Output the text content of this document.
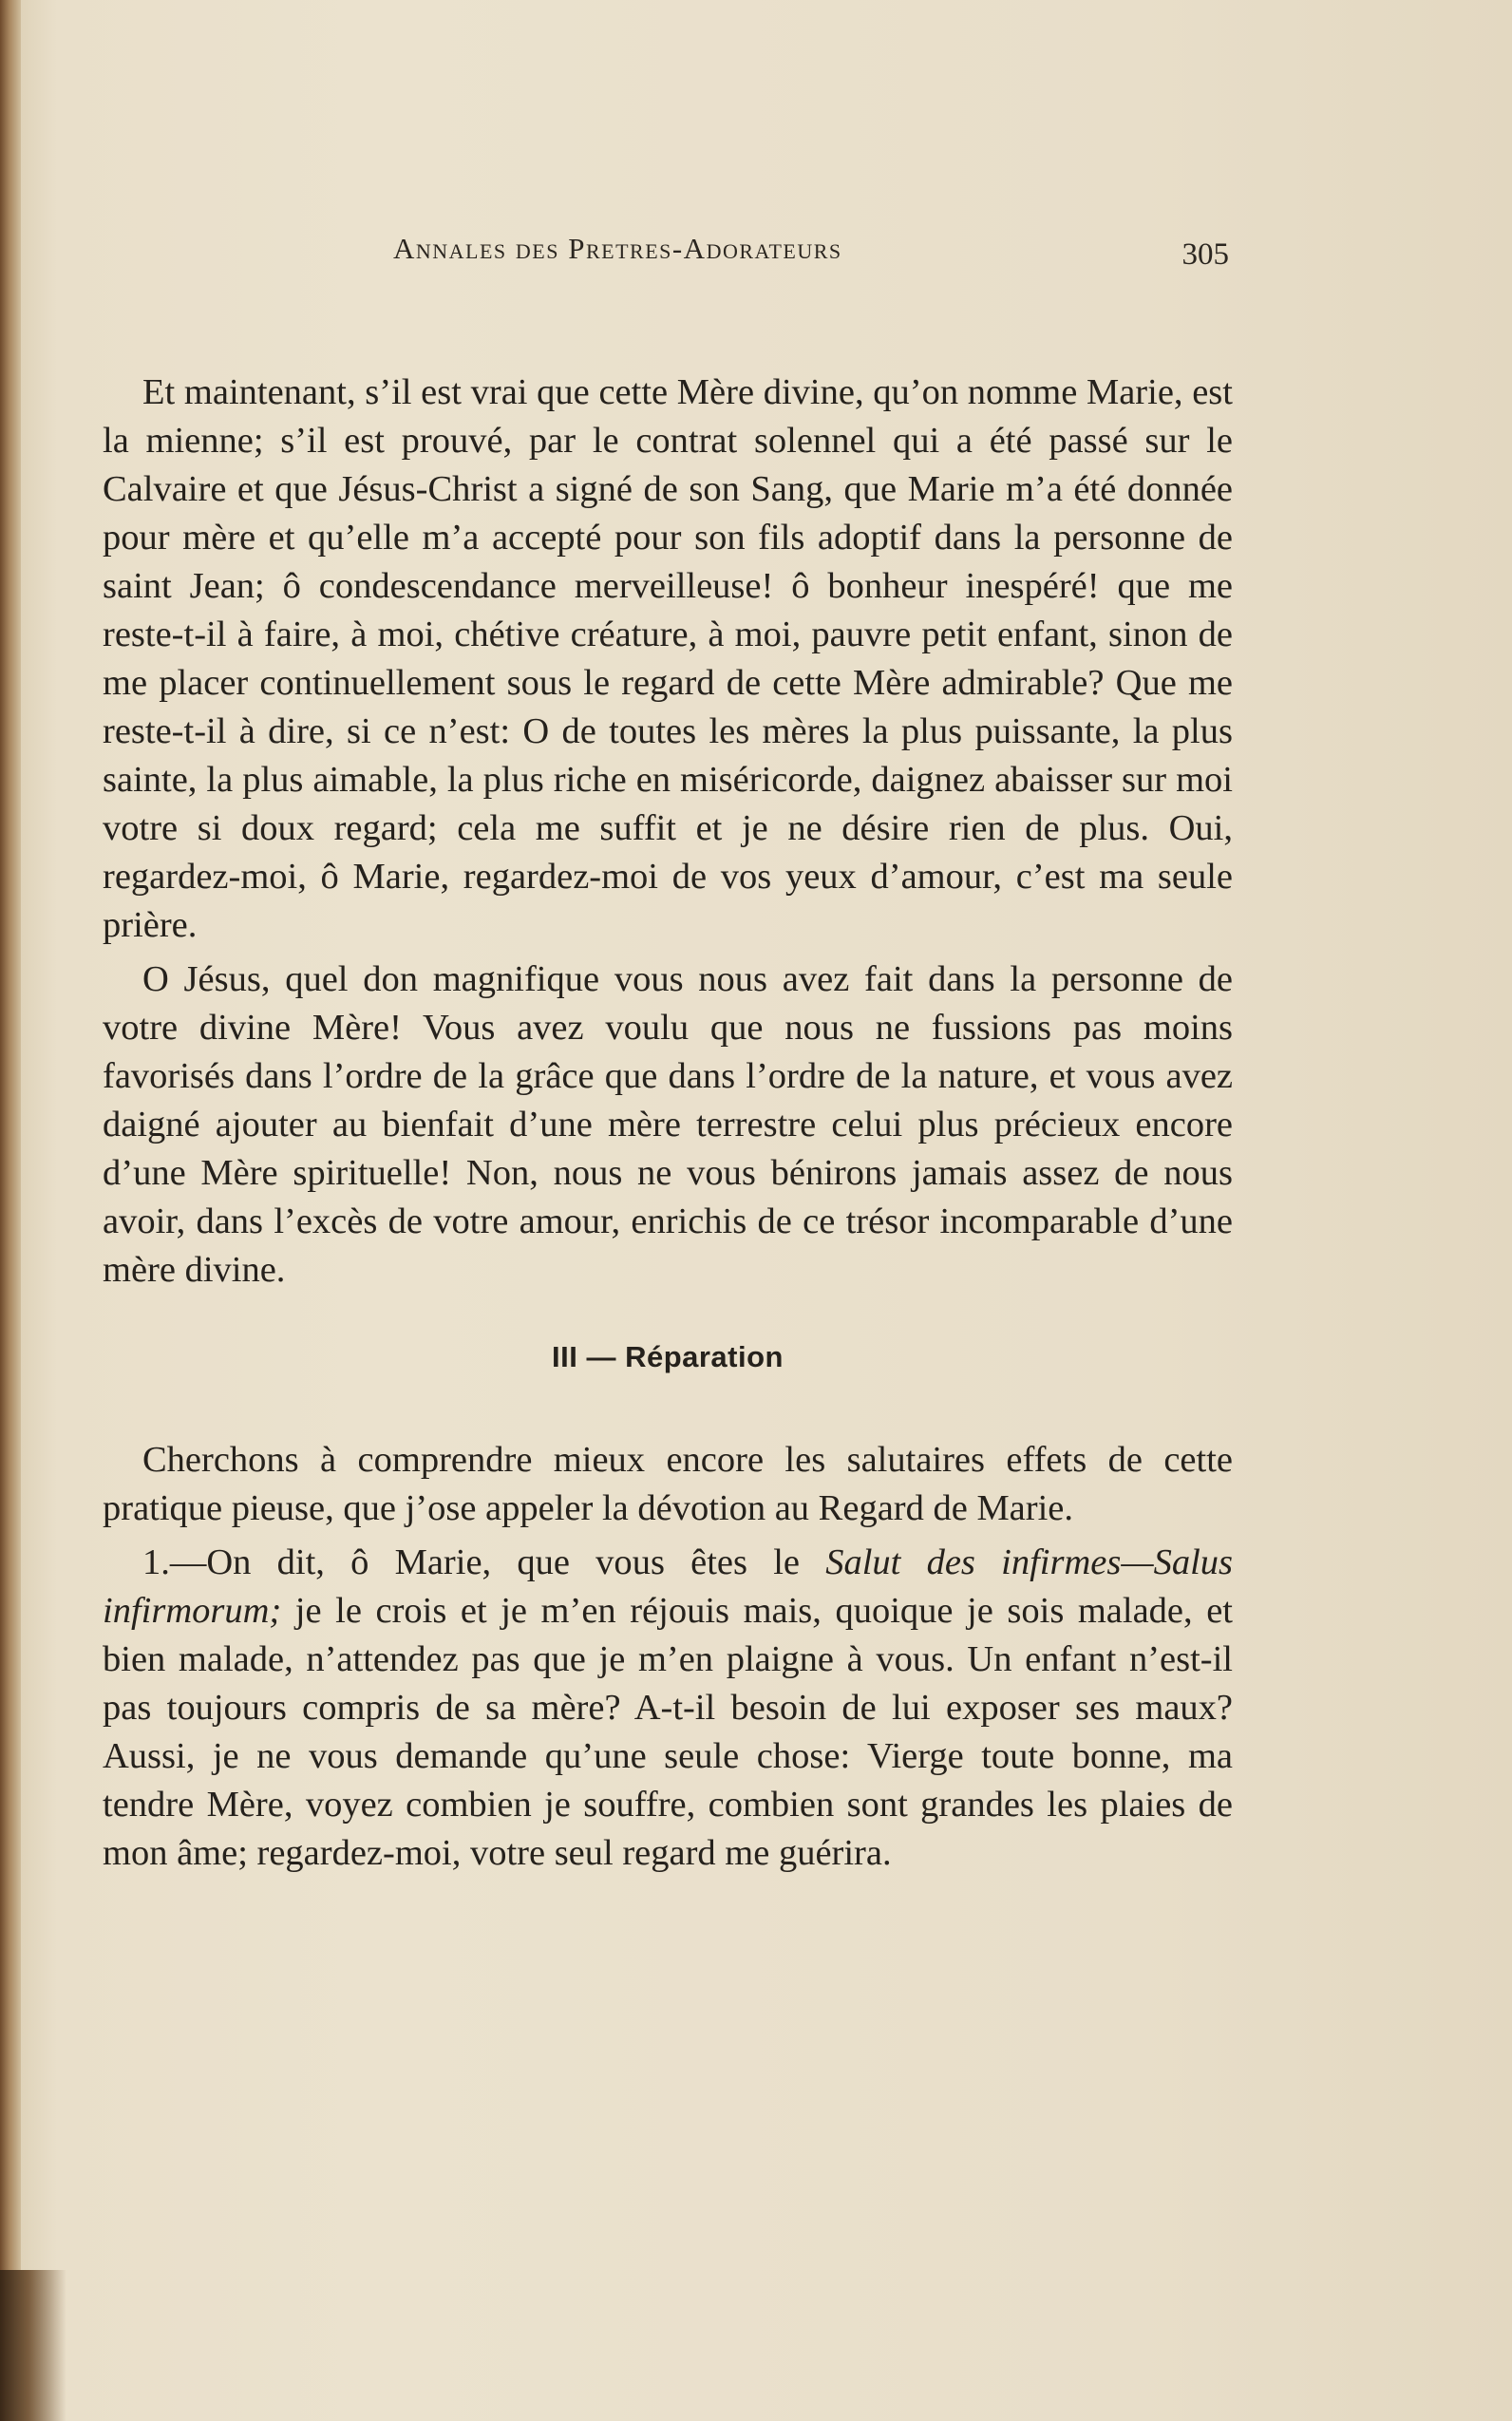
Annales des Pretres-Adorateurs	305

Et maintenant, s’il est vrai que cette Mère divine, qu’on nomme Marie, est la mienne; s’il est prouvé, par le contrat solennel qui a été passé sur le Calvaire et que Jésus-Christ a signé de son Sang, que Marie m’a été donnée pour mère et qu’elle m’a accepté pour son fils adoptif dans la personne de saint Jean; ô condescendance merveilleuse! ô bonheur inespéré! que me reste-t-il à faire, à moi, chétive créature, à moi, pauvre petit enfant, sinon de me placer continuellement sous le regard de cette Mère admirable? Que me reste-t-il à dire, si ce n’est: O de toutes les mères la plus puissante, la plus sainte, la plus aimable, la plus riche en miséricorde, daignez abaisser sur moi votre si doux regard; cela me suffit et je ne désire rien de plus. Oui, regardez-moi, ô Marie, regardez-moi de vos yeux d’amour, c’est ma seule prière.

O Jésus, quel don magnifique vous nous avez fait dans la personne de votre divine Mère! Vous avez voulu que nous ne fussions pas moins favorisés dans l’ordre de la grâce que dans l’ordre de la nature, et vous avez daigné ajouter au bienfait d’une mère terrestre celui plus précieux encore d’une Mère spirituelle! Non, nous ne vous bénirons jamais assez de nous avoir, dans l’excès de votre amour, enrichis de ce trésor incomparable d’une mère divine.

III — Réparation

Cherchons à comprendre mieux encore les salutaires effets de cette pratique pieuse, que j’ose appeler la dévotion au Regard de Marie.

1.—On dit, ô Marie, que vous êtes le Salut des infirmes—Salus infirmorum; je le crois et je m’en réjouis mais, quoique je sois malade, et bien malade, n’attendez pas que je m’en plaigne à vous. Un enfant n’est-il pas toujours compris de sa mère? A-t-il besoin de lui exposer ses maux? Aussi, je ne vous demande qu’une seule chose: Vierge toute bonne, ma tendre Mère, voyez combien je souffre, combien sont grandes les plaies de mon âme; regardez-moi, votre seul regard me guérira.
